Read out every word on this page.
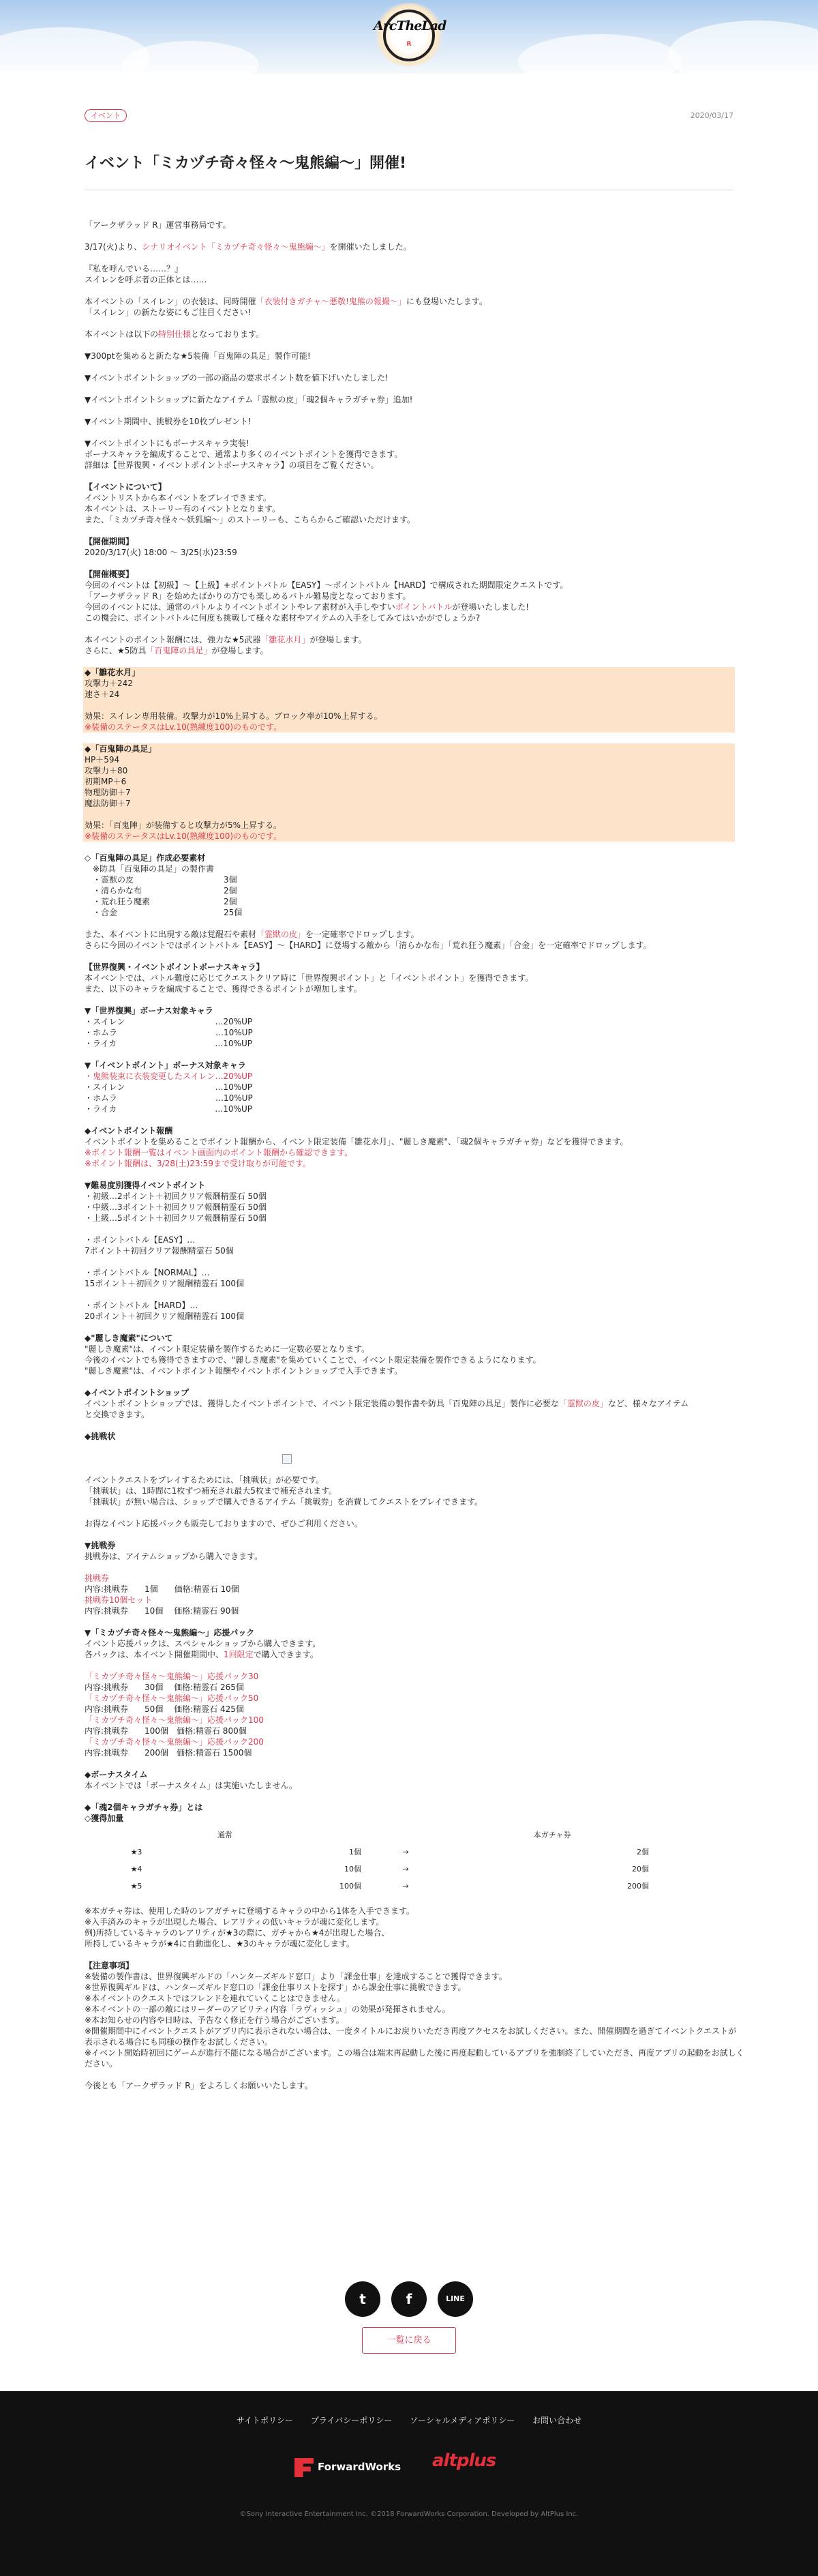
ArcTheLad
R
イベント	2020/03/17
イベント「ミカヅチ奇々怪々～鬼熊編～」開催!
「アークザラッド R」運営事務局です。
3/17(火)より、シナリオイベント「ミカヅチ奇々怪々～鬼熊編～」を開催いたしました。
『私を呼んでいる……？』
スイレンを呼ぶ者の正体とは……
本イベントの「スイレン」の衣装は、同時開催「衣装付きガチャ～悪敬!鬼熊の報撮～」にも登場いたします。
「スイレン」の新たな姿にもご注目ください!
本イベントは以下の特別仕様となっております。
▼300ptを集めると新たな★5装備「百鬼陣の具足」製作可能!
▼イベントポイントショップの一部の商品の要求ポイント数を値下げいたしました!
▼イベントポイントショップに新たなアイテム「霊獣の皮」「魂2個キャラガチャ券」追加!
▼イベント期間中、挑戦券を10枚プレゼント!
▼イベントポイントにもボーナスキャラ実装!
ボーナスキャラを編成することで、通常より多くのイベントポイントを獲得できます。
詳細は【世界復興・イベントポイントボーナスキャラ】の項目をご覧ください。
【イベントについて】
イベントリストから本イベントをプレイできます。
本イベントは、ストーリー有のイベントとなります。
また、「ミカヅチ奇々怪々～妖狐編～」のストーリーも、こちらからご確認いただけます。
【開催期間】
2020/3/17(火) 18:00 ～ 3/25(水)23:59
【開催概要】
今回のイベントは【初級】～【上級】+ポイントバトル【EASY】～ポイントバトル【HARD】で構成された期間限定クエストです。
「アークザラッド R」を始めたばかりの方でも楽しめるバトル難易度となっております。
今回のイベントには、通常のバトルよりイベントポイントやレア素材が入手しやすいポイントバトルが登場いたしました!
この機会に、ポイントバトルに何度も挑戦して様々な素材やアイテムの入手をしてみてはいかがでしょうか?
本イベントのポイント報酬には、強力な★5武器「雛花水月」が登場します。
さらに、★5防具「百鬼陣の具足」が登場します。
◆「雛花水月」
攻撃力＋242
速さ＋24
効果：スイレン専用装備。攻撃力が10%上昇する。ブロック率が10%上昇する。
※装備のステータスはLv.10(熟練度100)のものです。
◆「百鬼陣の具足」
HP＋594
攻撃力＋80
初期MP＋6
物理防御＋7
魔法防御＋7
効果：「百鬼陣」が装備すると攻撃力が5%上昇する。
※装備のステータスはLv.10(熟練度100)のものです。
◇「百鬼陣の具足」作成必要素材
　※防具「百鬼陣の具足」の製作書
　・霊獣の皮　　　　　　　　　　　3個
　・清らかな布　　　　　　　　　　2個
　・荒れ狂う魔素　　　　　　　　　2個
　・合金　　　　　　　　　　　　　25個
また、本イベントに出現する敵は覚醒石や素材「霊獣の皮」を一定確率でドロップします。
さらに今回のイベントではポイントバトル【EASY】～【HARD】に登場する敵から「清らかな布」「荒れ狂う魔素」「合金」を一定確率でドロップします。
【世界復興・イベントポイントボーナスキャラ】
本イベントでは、バトル難度に応じてクエストクリア時に「世界復興ポイント」と「イベントポイント」を獲得できます。
また、以下のキャラを編成することで、獲得できるポイントが増加します。
▼「世界復興」ボーナス対象キャラ
・スイレン　　　　　　　　　　　…20%UP
・ホムラ　　　　　　　　　　　　…10%UP
・ライカ　　　　　　　　　　　　…10%UP
▼「イベントポイント」ボーナス対象キャラ
・鬼熊装束に衣装変更したスイレン…20%UP
・スイレン　　　　　　　　　　　…10%UP
・ホムラ　　　　　　　　　　　　…10%UP
・ライカ　　　　　　　　　　　　…10%UP
◆イベントポイント報酬
イベントポイントを集めることでポイント報酬から、イベント限定装備「雛花水月」、"麗しき魔素"、「魂2個キャラガチャ券」などを獲得できます。
※ポイント報酬一覧はイベント画面内のポイント報酬から確認できます。
※ポイント報酬は、3/28(土)23:59まで受け取りが可能です。
▼難易度別獲得イベントポイント
・初級…2ポイント＋初回クリア報酬精霊石 50個
・中級…3ポイント＋初回クリア報酬精霊石 50個
・上級…5ポイント＋初回クリア報酬精霊石 50個
・ポイントバトル【EASY】…
7ポイント＋初回クリア報酬精霊石 50個
・ポイントバトル【NORMAL】…
15ポイント＋初回クリア報酬精霊石 100個
・ポイントバトル【HARD】…
20ポイント＋初回クリア報酬精霊石 100個
◆"麗しき魔素"について
"麗しき魔素"は、イベント限定装備を製作するために一定数必要となります。
今後のイベントでも獲得できますので、"麗しき魔素"を集めていくことで、イベント限定装備を製作できるようになります。
"麗しき魔素"は、イベントポイント報酬やイベントポイントショップで入手できます。
◆イベントポイントショップ
イベントポイントショップでは、獲得したイベントポイントで、イベント限定装備の製作書や防具「百鬼陣の具足」製作に必要な「霊獣の皮」など、様々なアイテム
と交換できます。
◆挑戦状
イベントクエストをプレイするためには、「挑戦状」が必要です。
「挑戦状」は、1時間に1枚ずつ補充され最大5枚まで補充されます。
「挑戦状」が無い場合は、ショップで購入できるアイテム「挑戦券」を消費してクエストをプレイできます。
お得なイベント応援パックも販売しておりますので、ぜひご利用ください。
▼挑戦券
挑戦券は、アイテムショップから購入できます。
挑戦券
内容:挑戦券　　1個　　価格:精霊石 10個
挑戦券10個セット
内容:挑戦券　　10個　 価格:精霊石 90個
▼「ミカヅチ奇々怪々～鬼熊編～」応援パック
イベント応援パックは、スペシャルショップから購入できます。
各パックは、本イベント開催期間中、1回限定で購入できます。
「ミカヅチ奇々怪々～鬼熊編～」応援パック30
内容:挑戦券　　30個　 価格:精霊石 265個
「ミカヅチ奇々怪々～鬼熊編～」応援パック50
内容:挑戦券　　50個　 価格:精霊石 425個
「ミカヅチ奇々怪々～鬼熊編～」応援パック100
内容:挑戦券　　100個　価格:精霊石 800個
「ミカヅチ奇々怪々～鬼熊編～」応援パック200
内容:挑戦券　　200個　価格:精霊石 1500個
◆ボーナスタイム
本イベントでは「ボーナスタイム」は実施いたしません。
◆「魂2個キャラガチャ券」とは
◇獲得加量
	通常			本ガチャ券
★3		1個	→	2個
★4		10個	→	20個
★5		100個	→	200個
※本ガチャ券は、使用した時のレアガチャに登場するキャラの中から1体を入手できます。
※入手済みのキャラが出現した場合、レアリティの低いキャラが魂に変化します。
例)所持しているキャラのレアリティが★3の際に、ガチャから★4が出現した場合、
所持しているキャラが★4に自動進化し、★3のキャラが魂に変化します。
【注意事項】
※装備の製作書は、世界復興ギルドの「ハンターズギルド窓口」より「課金仕事」を達成することで獲得できます。
※世界復興ギルドは、ハンターズギルド窓口の「課金仕事リストを探す」から課金仕事に挑戦できます。
※本イベントのクエストではフレンドを連れていくことはできません。
※本イベントの一部の敵にはリーダーのアビリティ内容「ラヴィッシュ」の効果が発揮されません。
※本お知らせの内容や日時は、予告なく修正を行う場合がございます。
※開催期間中にイベントクエストがアプリ内に表示されない場合は、一度タイトルにお戻りいただき再度アクセスをお試しください。また、開催期間を過ぎてイベントクエストが
表示される場合にも同様の操作をお試しください。
※イベント開始時初回にゲームが進行不能になる場合がございます。この場合は端末再起動した後に再度起動しているアプリを強制終了していただき、再度アプリの起動をお試しく
ださい。
今後とも「アークザラッド R」をよろしくお願いいたします。
t	f	LINE
一覧に戻る
サイトポリシー プライバシーポリシー ソーシャルメディアポリシー お問い合わせ
ForwardWorks altplus
©Sony Interactive Entertainment Inc. ©2018 ForwardWorks Corporation. Developed by AltPlus Inc.
